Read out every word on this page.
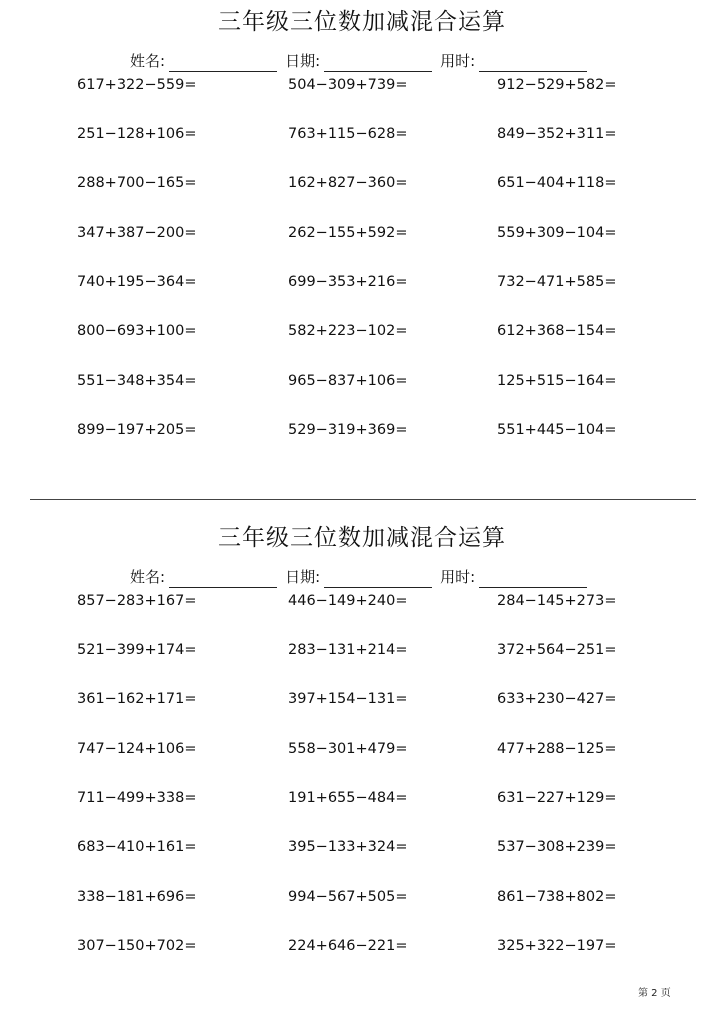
三年级三位数加减混合运算
姓名:	日期:	用时:
617+322−559=	504−309+739=	912−529+582=
251−128+106=	763+115−628=	849−352+311=
288+700−165=	162+827−360=	651−404+118=
347+387−200=	262−155+592=	559+309−104=
740+195−364=	699−353+216=	732−471+585=
800−693+100=	582+223−102=	612+368−154=
551−348+354=	965−837+106=	125+515−164=
899−197+205=	529−319+369=	551+445−104=
三年级三位数加减混合运算
姓名:	日期:	用时:
857−283+167=	446−149+240=	284−145+273=
521−399+174=	283−131+214=	372+564−251=
361−162+171=	397+154−131=	633+230−427=
747−124+106=	558−301+479=	477+288−125=
711−499+338=	191+655−484=	631−227+129=
683−410+161=	395−133+324=	537−308+239=
338−181+696=	994−567+505=	861−738+802=
307−150+702=	224+646−221=	325+322−197=
第 2 页
